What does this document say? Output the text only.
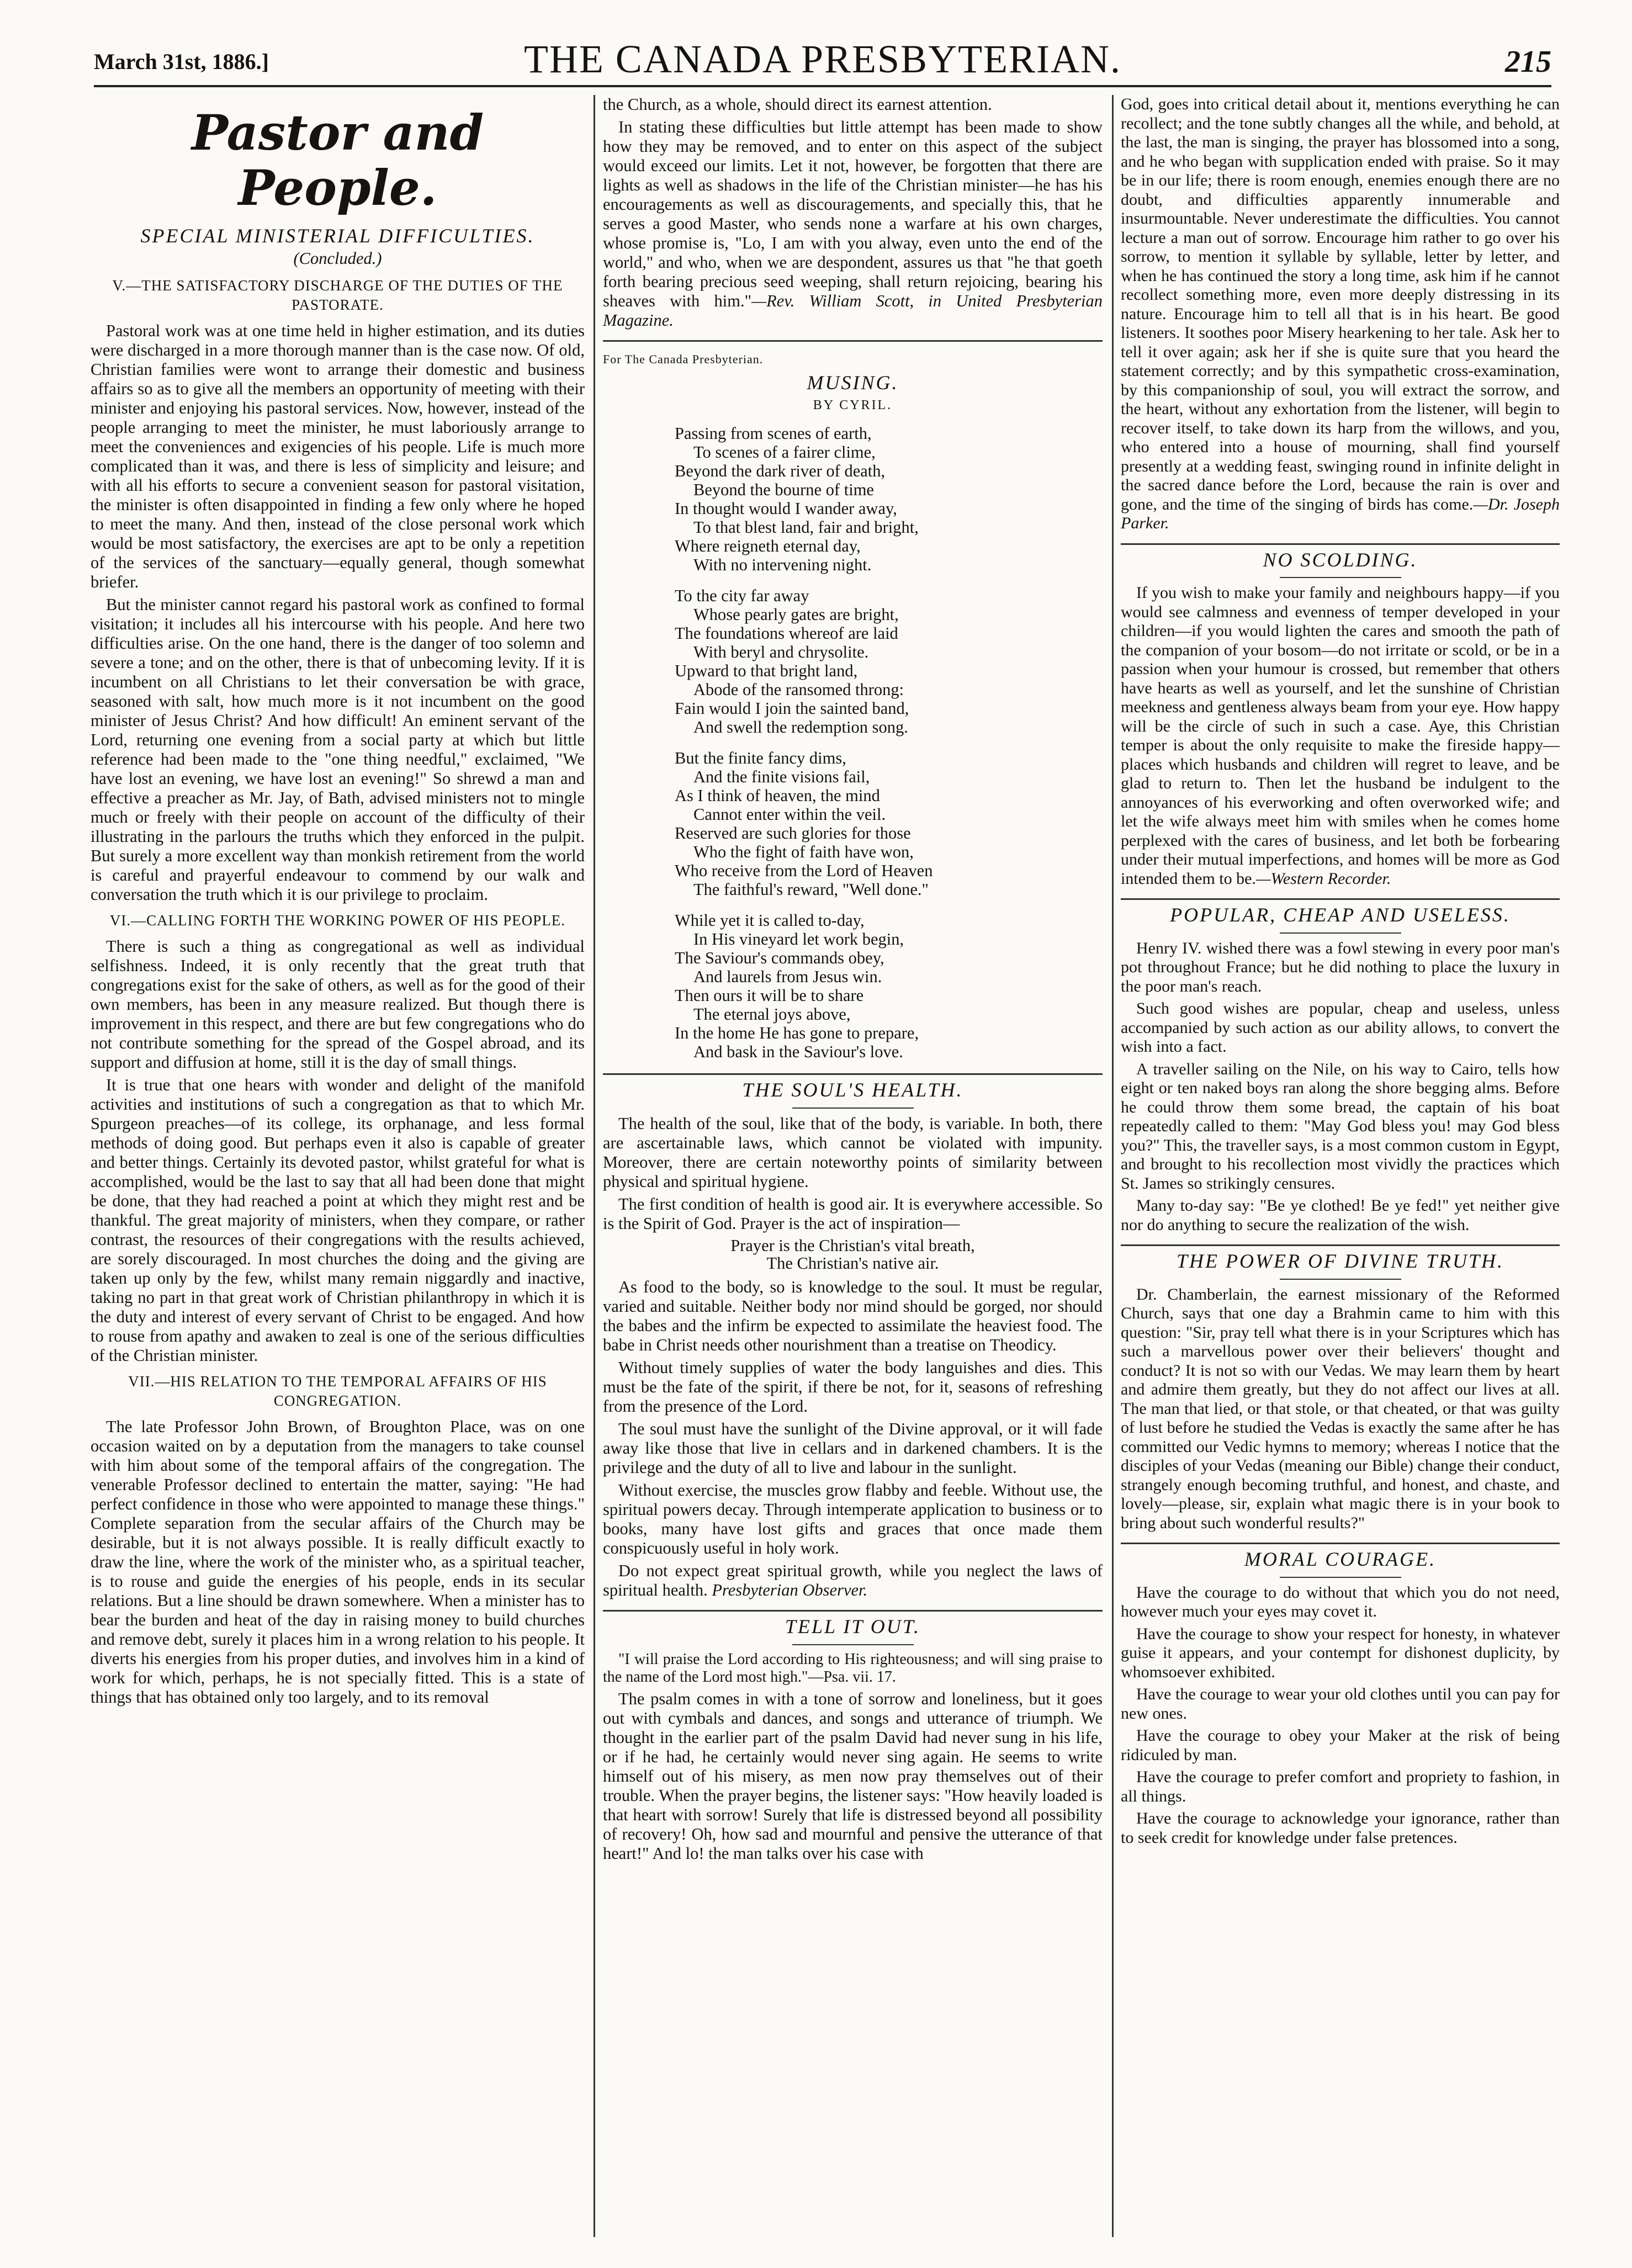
March 31st, 1886.]	THE CANADA PRESBYTERIAN.	215
Pastor and People.
SPECIAL MINISTERIAL DIFFICULTIES.
(Concluded.)
V.—THE SATISFACTORY DISCHARGE OF THE DUTIES OF THE PASTORATE.

Pastoral work was at one time held in higher estimation, and its duties were discharged in a more thorough manner than is the case now. Of old, Christian families were wont to arrange their domestic and business affairs so as to give all the members an opportunity of meeting with their minister and enjoying his pastoral services. Now, however, instead of the people arranging to meet the minister, he must laboriously arrange to meet the conveniences and exigencies of his people. Life is much more complicated than it was, and there is less of simplicity and leisure; and with all his efforts to secure a convenient season for pastoral visitation, the minister is often disappointed in finding a few only where he hoped to meet the many. And then, instead of the close personal work which would be most satisfactory, the exercises are apt to be only a repetition of the services of the sanctuary—equally general, though somewhat briefer.

But the minister cannot regard his pastoral work as confined to formal visitation; it includes all his intercourse with his people. And here two difficulties arise. On the one hand, there is the danger of too solemn and severe a tone; and on the other, there is that of unbecoming levity. If it is incumbent on all Christians to let their conversation be with grace, seasoned with salt, how much more is it not incumbent on the good minister of Jesus Christ? And how difficult! An eminent servant of the Lord, returning one evening from a social party at which but little reference had been made to the "one thing needful," exclaimed, "We have lost an evening, we have lost an evening!" So shrewd a man and effective a preacher as Mr. Jay, of Bath, advised ministers not to mingle much or freely with their people on account of the difficulty of their illustrating in the parlours the truths which they enforced in the pulpit. But surely a more excellent way than monkish retirement from the world is careful and prayerful endeavour to commend by our walk and conversation the truth which it is our privilege to proclaim.

VI.—CALLING FORTH THE WORKING POWER OF HIS PEOPLE.

There is such a thing as congregational as well as individual selfishness. Indeed, it is only recently that the great truth that congregations exist for the sake of others, as well as for the good of their own members, has been in any measure realized. But though there is improvement in this respect, and there are but few congregations who do not contribute something for the spread of the Gospel abroad, and its support and diffusion at home, still it is the day of small things.

It is true that one hears with wonder and delight of the manifold activities and institutions of such a congregation as that to which Mr. Spurgeon preaches—of its college, its orphanage, and less formal methods of doing good. But perhaps even it also is capable of greater and better things. Certainly its devoted pastor, whilst grateful for what is accomplished, would be the last to say that all had been done that might be done, that they had reached a point at which they might rest and be thankful. The great majority of ministers, when they compare, or rather contrast, the resources of their congregations with the results achieved, are sorely discouraged. In most churches the doing and the giving are taken up only by the few, whilst many remain niggardly and inactive, taking no part in that great work of Christian philanthropy in which it is the duty and interest of every servant of Christ to be engaged. And how to rouse from apathy and awaken to zeal is one of the serious difficulties of the Christian minister.

VII.—HIS RELATION TO THE TEMPORAL AFFAIRS OF HIS CONGREGATION.

The late Professor John Brown, of Broughton Place, was on one occasion waited on by a deputation from the managers to take counsel with him about some of the temporal affairs of the congregation. The venerable Professor declined to entertain the matter, saying: "He had perfect confidence in those who were appointed to manage these things." Complete separation from the secular affairs of the Church may be desirable, but it is not always possible. It is really difficult exactly to draw the line, where the work of the minister who, as a spiritual teacher, is to rouse and guide the energies of his people, ends in its secular relations. But a line should be drawn somewhere. When a minister has to bear the burden and heat of the day in raising money to build churches and remove debt, surely it places him in a wrong relation to his people. It diverts his energies from his proper duties, and involves him in a kind of work for which, perhaps, he is not specially fitted. This is a state of things that has obtained only too largely, and to its removal

the Church, as a whole, should direct its earnest attention.

In stating these difficulties but little attempt has been made to show how they may be removed, and to enter on this aspect of the subject would exceed our limits. Let it not, however, be forgotten that there are lights as well as shadows in the life of the Christian minister—he has his encouragements as well as discouragements, and specially this, that he serves a good Master, who sends none a warfare at his own charges, whose promise is, "Lo, I am with you alway, even unto the end of the world," and who, when we are despondent, assures us that "he that goeth forth bearing precious seed weeping, shall return rejoicing, bearing his sheaves with him."—Rev. William Scott, in United Presbyterian Magazine.

For The Canada Presbyterian.
MUSING.
BY CYRIL.
Passing from scenes of earth,
To scenes of a fairer clime,
Beyond the dark river of death,
Beyond the bourne of time
In thought would I wander away,
To that blest land, fair and bright,
Where reigneth eternal day,
With no intervening night.
To the city far away
Whose pearly gates are bright,
The foundations whereof are laid
With beryl and chrysolite.
Upward to that bright land,
Abode of the ransomed throng:
Fain would I join the sainted band,
And swell the redemption song.
But the finite fancy dims,
And the finite visions fail,
As I think of heaven, the mind
Cannot enter within the veil.
Reserved are such glories for those
Who the fight of faith have won,
Who receive from the Lord of Heaven
The faithful's reward, "Well done."
While yet it is called to-day,
In His vineyard let work begin,
The Saviour's commands obey,
And laurels from Jesus win.
Then ours it will be to share
The eternal joys above,
In the home He has gone to prepare,
And bask in the Saviour's love.
THE SOUL'S HEALTH.

The health of the soul, like that of the body, is variable. In both, there are ascertainable laws, which cannot be violated with impunity. Moreover, there are certain noteworthy points of similarity between physical and spiritual hygiene.

The first condition of health is good air. It is everywhere accessible. So is the Spirit of God. Prayer is the act of inspiration—

Prayer is the Christian's vital breath,
The Christian's native air.

As food to the body, so is knowledge to the soul. It must be regular, varied and suitable. Neither body nor mind should be gorged, nor should the babes and the infirm be expected to assimilate the heaviest food. The babe in Christ needs other nourishment than a treatise on Theodicy.

Without timely supplies of water the body languishes and dies. This must be the fate of the spirit, if there be not, for it, seasons of refreshing from the presence of the Lord.

The soul must have the sunlight of the Divine approval, or it will fade away like those that live in cellars and in darkened chambers. It is the privilege and the duty of all to live and labour in the sunlight.

Without exercise, the muscles grow flabby and feeble. Without use, the spiritual powers decay. Through intemperate application to business or to books, many have lost gifts and graces that once made them conspicuously useful in holy work.

Do not expect great spiritual growth, while you neglect the laws of spiritual health. Presbyterian Observer.

TELL IT OUT.

"I will praise the Lord according to His righteousness; and will sing praise to the name of the Lord most high."—Psa. vii. 17.

The psalm comes in with a tone of sorrow and loneliness, but it goes out with cymbals and dances, and songs and utterance of triumph. We thought in the earlier part of the psalm David had never sung in his life, or if he had, he certainly would never sing again. He seems to write himself out of his misery, as men now pray themselves out of their trouble. When the prayer begins, the listener says: "How heavily loaded is that heart with sorrow! Surely that life is distressed beyond all possibility of recovery! Oh, how sad and mournful and pensive the utterance of that heart!" And lo! the man talks over his case with

God, goes into critical detail about it, mentions everything he can recollect; and the tone subtly changes all the while, and behold, at the last, the man is singing, the prayer has blossomed into a song, and he who began with supplication ended with praise. So it may be in our life; there is room enough, enemies enough there are no doubt, and difficulties apparently innumerable and insurmountable. Never underestimate the difficulties. You cannot lecture a man out of sorrow. Encourage him rather to go over his sorrow, to mention it syllable by syllable, letter by letter, and when he has continued the story a long time, ask him if he cannot recollect something more, even more deeply distressing in its nature. Encourage him to tell all that is in his heart. Be good listeners. It soothes poor Misery hearkening to her tale. Ask her to tell it over again; ask her if she is quite sure that you heard the statement correctly; and by this sympathetic cross-examination, by this companionship of soul, you will extract the sorrow, and the heart, without any exhortation from the listener, will begin to recover itself, to take down its harp from the willows, and you, who entered into a house of mourning, shall find yourself presently at a wedding feast, swinging round in infinite delight in the sacred dance before the Lord, because the rain is over and gone, and the time of the singing of birds has come.—Dr. Joseph Parker.

NO SCOLDING.

If you wish to make your family and neighbours happy—if you would see calmness and evenness of temper developed in your children—if you would lighten the cares and smooth the path of the companion of your bosom—do not irritate or scold, or be in a passion when your humour is crossed, but remember that others have hearts as well as yourself, and let the sunshine of Christian meekness and gentleness always beam from your eye. How happy will be the circle of such in such a case. Aye, this Christian temper is about the only requisite to make the fireside happy—places which husbands and children will regret to leave, and be glad to return to. Then let the husband be indulgent to the annoyances of his everworking and often overworked wife; and let the wife always meet him with smiles when he comes home perplexed with the cares of business, and let both be forbearing under their mutual imperfections, and homes will be more as God intended them to be.—Western Recorder.

POPULAR, CHEAP AND USELESS.

Henry IV. wished there was a fowl stewing in every poor man's pot throughout France; but he did nothing to place the luxury in the poor man's reach.

Such good wishes are popular, cheap and useless, unless accompanied by such action as our ability allows, to convert the wish into a fact.

A traveller sailing on the Nile, on his way to Cairo, tells how eight or ten naked boys ran along the shore begging alms. Before he could throw them some bread, the captain of his boat repeatedly called to them: "May God bless you! may God bless you?" This, the traveller says, is a most common custom in Egypt, and brought to his recollection most vividly the practices which St. James so strikingly censures.

Many to-day say: "Be ye clothed! Be ye fed!" yet neither give nor do anything to secure the realization of the wish.

THE POWER OF DIVINE TRUTH.

Dr. Chamberlain, the earnest missionary of the Reformed Church, says that one day a Brahmin came to him with this question: "Sir, pray tell what there is in your Scriptures which has such a marvellous power over their believers' thought and conduct? It is not so with our Vedas. We may learn them by heart and admire them greatly, but they do not affect our lives at all. The man that lied, or that stole, or that cheated, or that was guilty of lust before he studied the Vedas is exactly the same after he has committed our Vedic hymns to memory; whereas I notice that the disciples of your Vedas (meaning our Bible) change their conduct, strangely enough becoming truthful, and honest, and chaste, and lovely—please, sir, explain what magic there is in your book to bring about such wonderful results?"

MORAL COURAGE.

Have the courage to do without that which you do not need, however much your eyes may covet it.

Have the courage to show your respect for honesty, in whatever guise it appears, and your contempt for dishonest duplicity, by whomsoever exhibited.

Have the courage to wear your old clothes until you can pay for new ones.

Have the courage to obey your Maker at the risk of being ridiculed by man.

Have the courage to prefer comfort and propriety to fashion, in all things.

Have the courage to acknowledge your ignorance, rather than to seek credit for knowledge under false pretences.
